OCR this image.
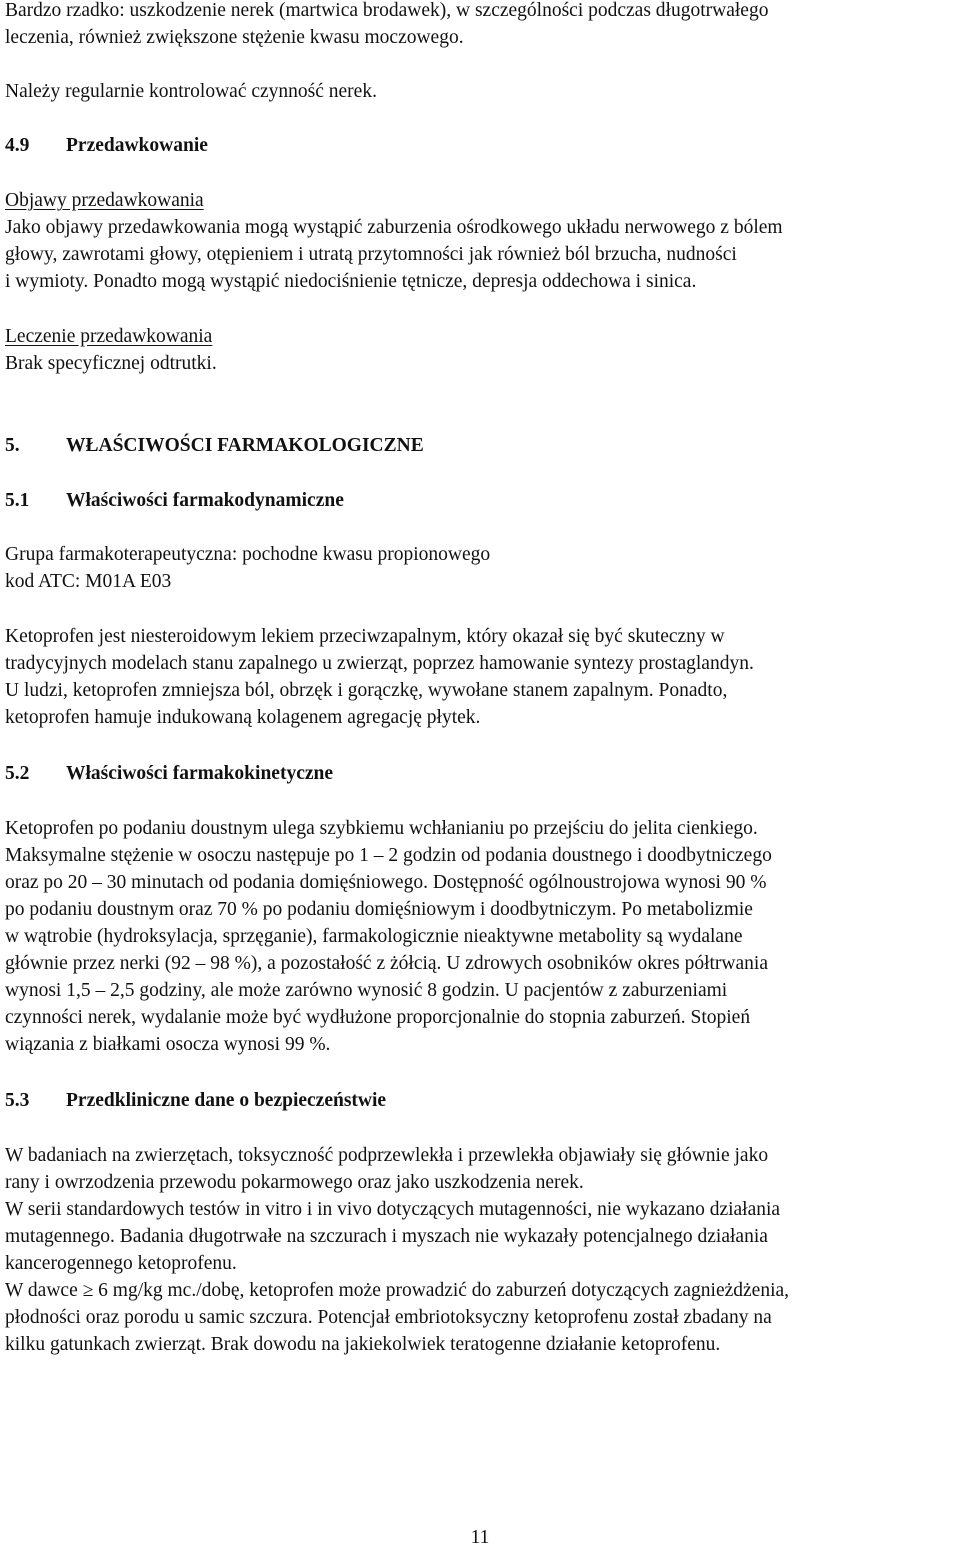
Bardzo rzadko: uszkodzenie nerek (martwica brodawek), w szczególności podczas długotrwałego
leczenia, również zwiększone stężenie kwasu moczowego.
Należy regularnie kontrolować czynność nerek.
4.9 Przedawkowanie
Objawy przedawkowania
Jako objawy przedawkowania mogą wystąpić zaburzenia ośrodkowego układu nerwowego z bólem
głowy, zawrotami głowy, otępieniem i utratą przytomności jak również ból brzucha, nudności
i wymioty. Ponadto mogą wystąpić niedociśnienie tętnicze, depresja oddechowa i sinica.
Leczenie przedawkowania
Brak specyficznej odtrutki.
5. WŁAŚCIWOŚCI FARMAKOLOGICZNE
5.1 Właściwości farmakodynamiczne
Grupa farmakoterapeutyczna: pochodne kwasu propionowego
kod ATC: M01A E03
Ketoprofen jest niesteroidowym lekiem przeciwzapalnym, który okazał się być skuteczny w
tradycyjnych modelach stanu zapalnego u zwierząt, poprzez hamowanie syntezy prostaglandyn.
U ludzi, ketoprofen zmniejsza ból, obrzęk i gorączkę, wywołane stanem zapalnym. Ponadto,
ketoprofen hamuje indukowaną kolagenem agregację płytek.
5.2 Właściwości farmakokinetyczne
Ketoprofen po podaniu doustnym ulega szybkiemu wchłanianiu po przejściu do jelita cienkiego.
Maksymalne stężenie w osoczu następuje po 1 – 2 godzin od podania doustnego i doodbytniczego
oraz po 20 – 30 minutach od podania domięśniowego. Dostępność ogólnoustrojowa wynosi 90 %
po podaniu doustnym oraz 70 % po podaniu domięśniowym i doodbytniczym. Po metabolizmie
w wątrobie (hydroksylacja, sprzęganie), farmakologicznie nieaktywne metabolity są wydalane
głównie przez nerki (92 – 98 %), a pozostałość z żółcią. U zdrowych osobników okres półtrwania
wynosi 1,5 – 2,5 godziny, ale może zarówno wynosić 8 godzin. U pacjentów z zaburzeniami
czynności nerek, wydalanie może być wydłużone proporcjonalnie do stopnia zaburzeń. Stopień
wiązania z białkami osocza wynosi 99 %.
5.3 Przedkliniczne dane o bezpieczeństwie
W badaniach na zwierzętach, toksyczność podprzewlekła i przewlekła objawiały się głównie jako
rany i owrzodzenia przewodu pokarmowego oraz jako uszkodzenia nerek.
W serii standardowych testów in vitro i in vivo dotyczących mutagenności, nie wykazano działania
mutagennego. Badania długotrwałe na szczurach i myszach nie wykazały potencjalnego działania
kancerogennego ketoprofenu.
W dawce ≥ 6 mg/kg mc./dobę, ketoprofen może prowadzić do zaburzeń dotyczących zagnieżdżenia,
płodności oraz porodu u samic szczura. Potencjał embriotoksyczny ketoprofenu został zbadany na
kilku gatunkach zwierząt. Brak dowodu na jakiekolwiek teratogenne działanie ketoprofenu.
11
